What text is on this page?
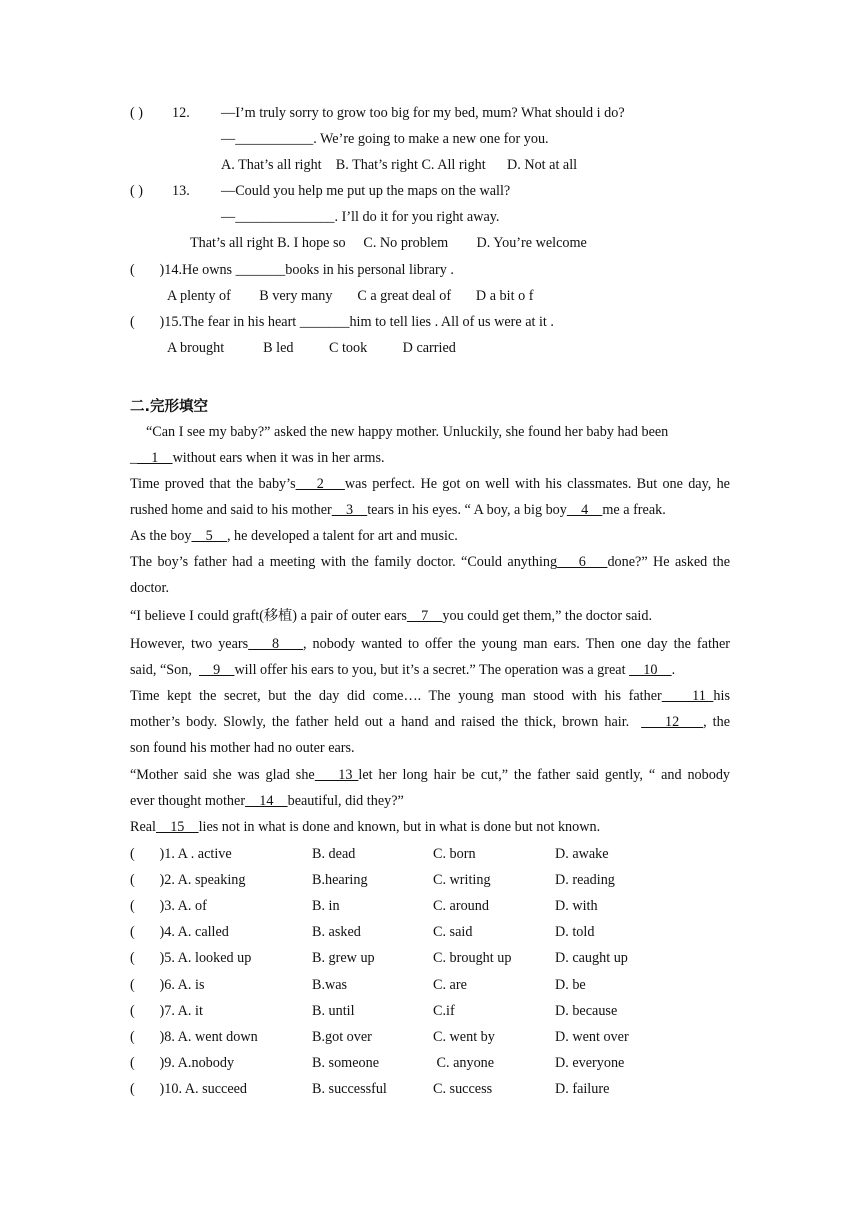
( ) 12. —I’m truly sorry to grow too big for my bed, mum? What should i do?
—___________. We’re going to make a new one for you.
A. That’s all right    B. That’s right C. All right      D. Not at all
( ) 13. —Could you help me put up the maps on the wall?
—______________. I’ll do it for you right away.
That’s all right B. I hope so     C. No problem        D. You’re welcome
(       )14.He owns _______books in his personal library .
A plenty of        B very many       C a great deal of       D a bit o f
(       )15.The fear in his heart _______him to tell lies . All of us were at it .
A brought           B led          C took          D carried
二.完形填空
“Can I see my baby?” asked the new happy mother. Unluckily, she found her baby had been
_    1    without ears when it was in her arms.
Time proved that the baby’s    2    was perfect. He got on well with his classmates. But one day, he
rushed home and said to his mother    3    tears in his eyes. “ A boy, a big boy    4    me a freak.
As the boy    5    , he developed a talent for art and music.
The boy’s father had a meeting with the family doctor. “Could anything    6    done?” He asked the
doctor.
“I believe I could graft(移植) a pair of outer ears    7    you could get them,” the doctor said.
However, two years    8    , nobody wanted to offer the young man ears. Then one day the father
said, “Son,      9    will offer his ears to you, but it’s a secret.” The operation was a great     10    .
Time kept the secret, but the day did come…. The young man stood with his father    11 his
mother’s body. Slowly, the father held out a hand and raised the thick, brown hair.      12    , the
son found his mother had no outer ears.
“Mother said she was glad she    13 let her long hair be cut,” the father said gently, “ and nobody
ever thought mother    14    beautiful, did they?”
Real    15    lies not in what is done and known, but in what is done but not known.
(       )1. A . active	B. dead	C. born	D. awake
(       )2. A. speaking	B.hearing	C. writing	D. reading
(       )3. A. of	B. in	C. around	D. with
(       )4. A. called	B. asked	C. said	D. told
(       )5. A. looked up	B. grew up	C. brought up	D. caught up
(       )6. A. is	B.was	C. are	D. be
(       )7. A. it	B. until	C.if	D. because
(       )8. A. went down	B.got over	C. went by	D. went over
(       )9. A.nobody	B. someone	C. anyone	D. everyone
(       )10. A. succeed	B. successful	C. success	D. failure
